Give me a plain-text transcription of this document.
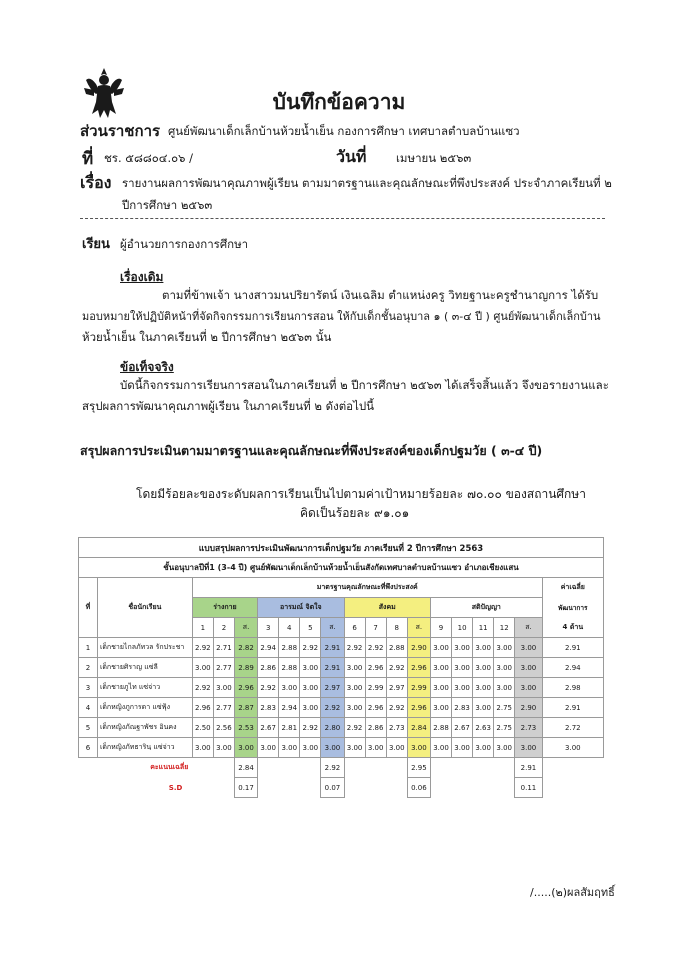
บันทึกข้อความ
ส่วนราชการ ศูนย์พัฒนาเด็กเล็กบ้านห้วยน้ำเย็น กองการศึกษา เทศบาลตำบลบ้านแซว
ที่ ชร. ๕๘๘๐๔.๐๖ /	วันที่	เมษายน ๒๕๖๓
เรื่อง รายงานผลการพัฒนาคุณภาพผู้เรียน ตามมาตรฐานและคุณลักษณะที่พึงประสงค์ ประจำภาคเรียนที่ ๒
ปีการศึกษา ๒๕๖๓
เรียน ผู้อำนวยการกองการศึกษา
เรื่องเดิม
ตามที่ข้าพเจ้า นางสาวมนปริยารัตน์ เงินเฉลิม ตำแหน่งครู วิทยฐานะครูชำนาญการ ได้รับ
มอบหมายให้ปฏิบัติหน้าที่จัดกิจกรรมการเรียนการสอน ให้กับเด็กชั้นอนุบาล ๑ ( ๓-๔ ปี ) ศูนย์พัฒนาเด็กเล็กบ้าน
ห้วยน้ำเย็น ในภาคเรียนที่ ๒ ปีการศึกษา ๒๕๖๓ นั้น
ข้อเท็จจริง
บัดนี้กิจกรรมการเรียนการสอนในภาคเรียนที่ ๒ ปีการศึกษา ๒๕๖๓ ได้เสร็จสิ้นแล้ว จึงขอรายงานและ
สรุปผลการพัฒนาคุณภาพผู้เรียน ในภาคเรียนที่ ๒ ดังต่อไปนี้
สรุปผลการประเมินตามมาตรฐานและคุณลักษณะที่พึงประสงค์ของเด็กปฐมวัย ( ๓-๔ ปี)
โดยมีร้อยละของระดับผลการเรียนเป็นไปตามค่าเป้าหมายร้อยละ ๗๐.๐๐ ของสถานศึกษา
คิดเป็นร้อยละ ๙๑.๐๑
แบบสรุปผลการประเมินพัฒนาการเด็กปฐมวัย ภาคเรียนที่ 2 ปีการศึกษา 2563																		
ชั้นอนุบาลปีที่1 (3-4 ปี) ศูนย์พัฒนาเด็กเล็กบ้านห้วยน้ำเย็นสังกัดเทศบาลตำบลบ้านแซว อำเภอเชียงแสน																		
ที่	ชื่อนักเรียน	มาตรฐานคุณลักษณะที่พึงประสงค์																ค่าเฉลี่ย
		ร่างกาย			อารมณ์ จิตใจ				สังคม				สติปัญญา					พัฒนาการ
		1	2	ส.	3	4	5	ส.	6	7	8	ส.	9	10	11	12	ส.	4 ด้าน
1	เด็กชายไกลภัทวล รักประชา	2.92	2.71	2.82	2.94	2.88	2.92	2.91	2.92	2.92	2.88	2.90	3.00	3.00	3.00	3.00	3.00	2.91
2	เด็กชายศิราญ แซ่ลี	3.00	2.77	2.89	2.86	2.88	3.00	2.91	3.00	2.96	2.92	2.96	3.00	3.00	3.00	3.00	3.00	2.94
3	เด็กชายภูไท แซ่จ่าว	2.92	3.00	2.96	2.92	3.00	3.00	2.97	3.00	2.99	2.97	2.99	3.00	3.00	3.00	3.00	3.00	2.98
4	เด็กหญิงภูการดา แซ่ฟุ้ง	2.96	2.77	2.87	2.83	2.94	3.00	2.92	3.00	2.96	2.92	2.96	3.00	2.83	3.00	2.75	2.90	2.91
5	เด็กหญิงภัณฐาพัชร อินคง	2.50	2.56	2.53	2.67	2.81	2.92	2.80	2.92	2.86	2.73	2.84	2.88	2.67	2.63	2.75	2.73	2.72
6	เด็กหญิงภัทธารินฺ แซ่จ่าว	3.00	3.00	3.00	3.00	3.00	3.00	3.00	3.00	3.00	3.00	3.00	3.00	3.00	3.00	3.00	3.00	3.00
	คะแนนเฉลี่ย			2.84				2.92				2.95					2.91	
	S.D			0.17				0.07				0.06					0.11	
/.....(๒)ผลสัมฤทธิ์
